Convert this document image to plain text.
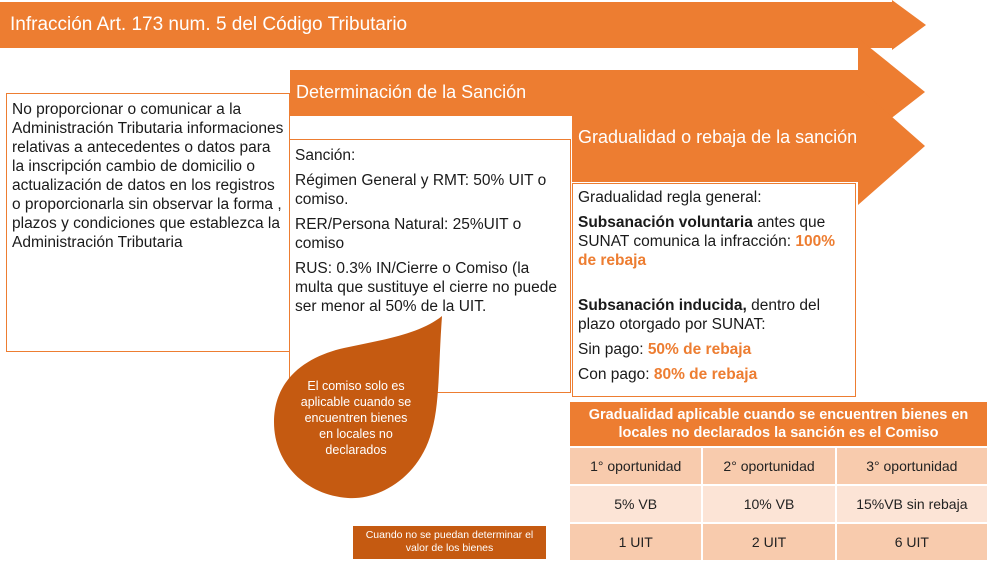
Infracción Art. 173 num. 5 del Código Tributario
Determinación de la Sanción
Gradualidad o rebaja de la sanción

No proporcionar o comunicar a la Administración Tributaria informaciones relativas a antecedentes o datos para la inscripción cambio de domicilio o actualización de datos en los registros o proporcionarla sin observar la forma , plazos y condiciones que establezca la Administración Tributaria

Sanción:

Régimen General y RMT: 50% UIT o comiso.

RER/Persona Natural: 25%UIT o comiso

RUS: 0.3% IN/Cierre o Comiso (la multa que sustituye el cierre no puede ser menor al 50% de la UIT.

Gradualidad regla general:

Subsanación voluntaria antes que SUNAT comunica la infracción: 100% de rebaja

Subsanación inducida, dentro del plazo otorgado por SUNAT:

Sin pago: 50% de rebaja

Con pago: 80% de rebaja

El comiso solo es aplicable cuando se encuentren bienes en locales no declarados
Cuando no se puedan determinar el valor de los bienes
Gradualidad aplicable cuando se encuentren bienes en locales no declarados la sanción es el Comiso		
1° oportunidad	2° oportunidad	3° oportunidad
5% VB	10% VB	15%VB sin rebaja
1 UIT	2 UIT	6 UIT
